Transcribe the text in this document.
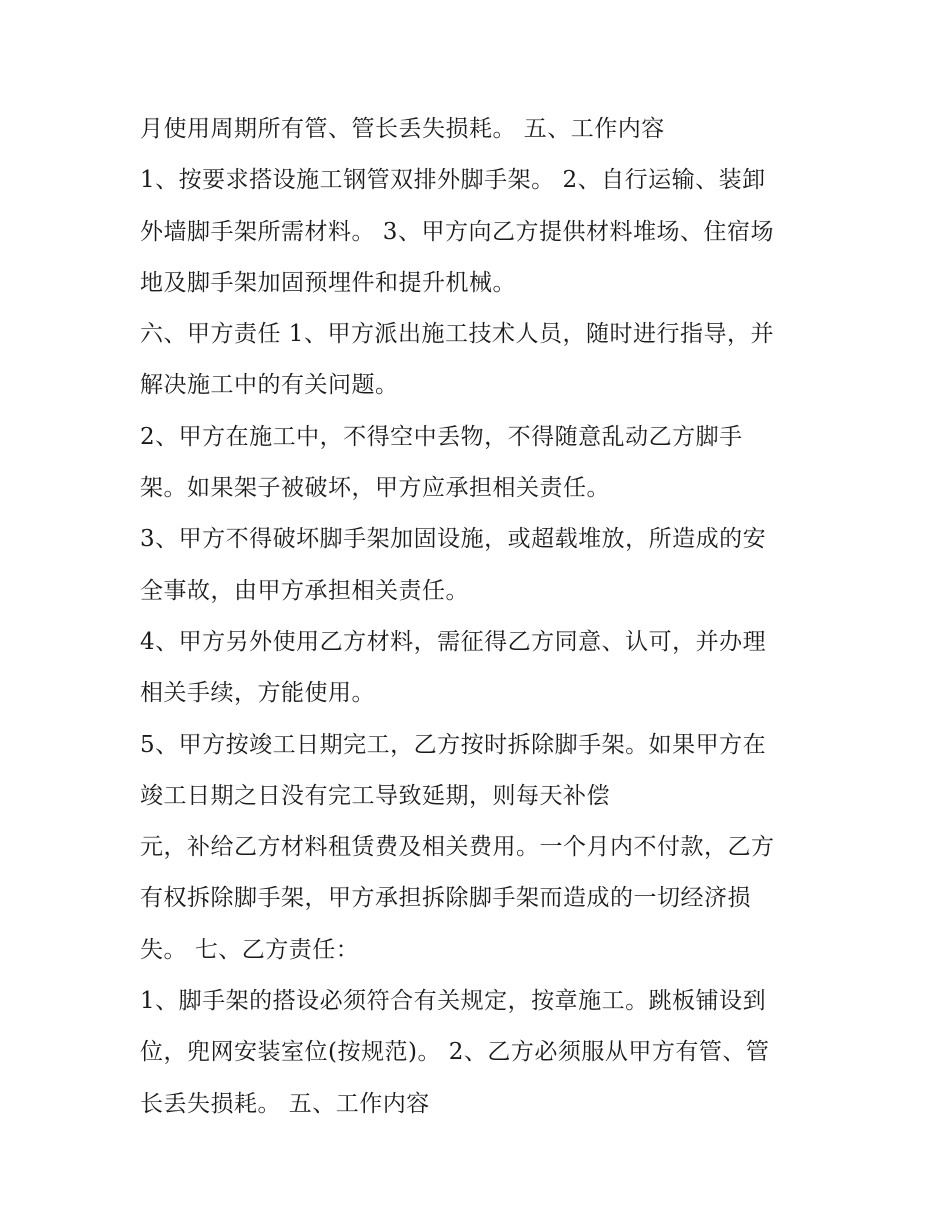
月使用周期所有管、管长丢失损耗。 五、工作内容
1、按要求搭设施工钢管双排外脚手架。 2、自行运输、装卸
外墙脚手架所需材料。 3、甲方向乙方提供材料堆场、住宿场
地及脚手架加固预埋件和提升机械。
六、甲方责任 1、甲方派出施工技术人员，随时进行指导，并
解决施工中的有关问题。
2、甲方在施工中，不得空中丢物，不得随意乱动乙方脚手
架。如果架子被破坏，甲方应承担相关责任。
3、甲方不得破坏脚手架加固设施，或超载堆放，所造成的安
全事故，由甲方承担相关责任。
4、甲方另外使用乙方材料，需征得乙方同意、认可，并办理
相关手续，方能使用。
5、甲方按竣工日期完工，乙方按时拆除脚手架。如果甲方在
竣工日期之日没有完工导致延期，则每天补偿
元，补给乙方材料租赁费及相关费用。一个月内不付款，乙方
有权拆除脚手架，甲方承担拆除脚手架而造成的一切经济损
失。 七、乙方责任：
1、脚手架的搭设必须符合有关规定，按章施工。跳板铺设到
位，兜网安装室位(按规范)。 2、乙方必须服从甲方有管、管
长丢失损耗。 五、工作内容
